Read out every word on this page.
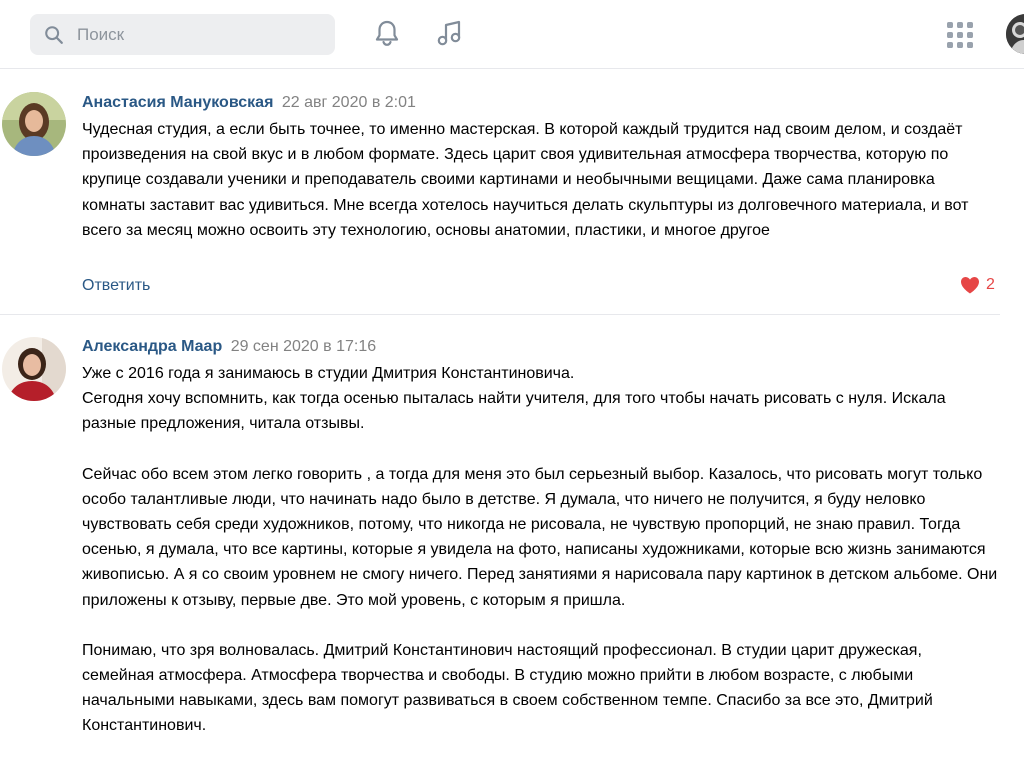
Поиск
Анастасия Мануковская 22 авг 2020 в 2:01

Чудесная студия, а если быть точнее, то именно мастерская. В которой каждый трудится над своим делом, и создаёт произведения на свой вкус и в любом формате. Здесь царит своя удивительная атмосфера творчества, которую по крупице создавали ученики и преподаватель своими картинами и необычными вещицами. Даже сама планировка комнаты заставит вас удивиться. Мне всегда хотелось научиться делать скульптуры из долговечного материала, и вот всего за месяц можно освоить эту технологию, основы анатомии, пластики, и многое другое

Ответить	2
Александра Маар 29 сен 2020 в 17:16

Уже с 2016 года я занимаюсь в студии Дмитрия Константиновича.
Сегодня хочу вспомнить, как тогда осенью пыталась найти учителя, для того чтобы начать рисовать с нуля. Искала разные предложения, читала отзывы.

Сейчас обо всем этом легко говорить , а тогда для меня это был серьезный выбор. Казалось, что рисовать могут только особо талантливые люди, что начинать надо было в детстве. Я думала, что ничего не получится, я буду неловко чувствовать себя среди художников, потому, что никогда не рисовала, не чувствую пропорций, не знаю правил. Тогда осенью, я думала, что все картины, которые я увидела на фото, написаны художниками, которые всю жизнь занимаются живописью. А я со своим уровнем не смогу ничего. Перед занятиями я нарисовала пару картинок в детском альбоме. Они приложены к отзыву, первые две. Это мой уровень, с которым я пришла.

Понимаю, что зря волновалась. Дмитрий Константинович настоящий профессионал. В студии царит дружеская, семейная атмосфера. Атмосфера творчества и свободы. В студию можно прийти в любом возрасте, с любыми начальными навыками, здесь вам помогут развиваться в своем собственном темпе. Спасибо за все это, Дмитрий Константинович.
